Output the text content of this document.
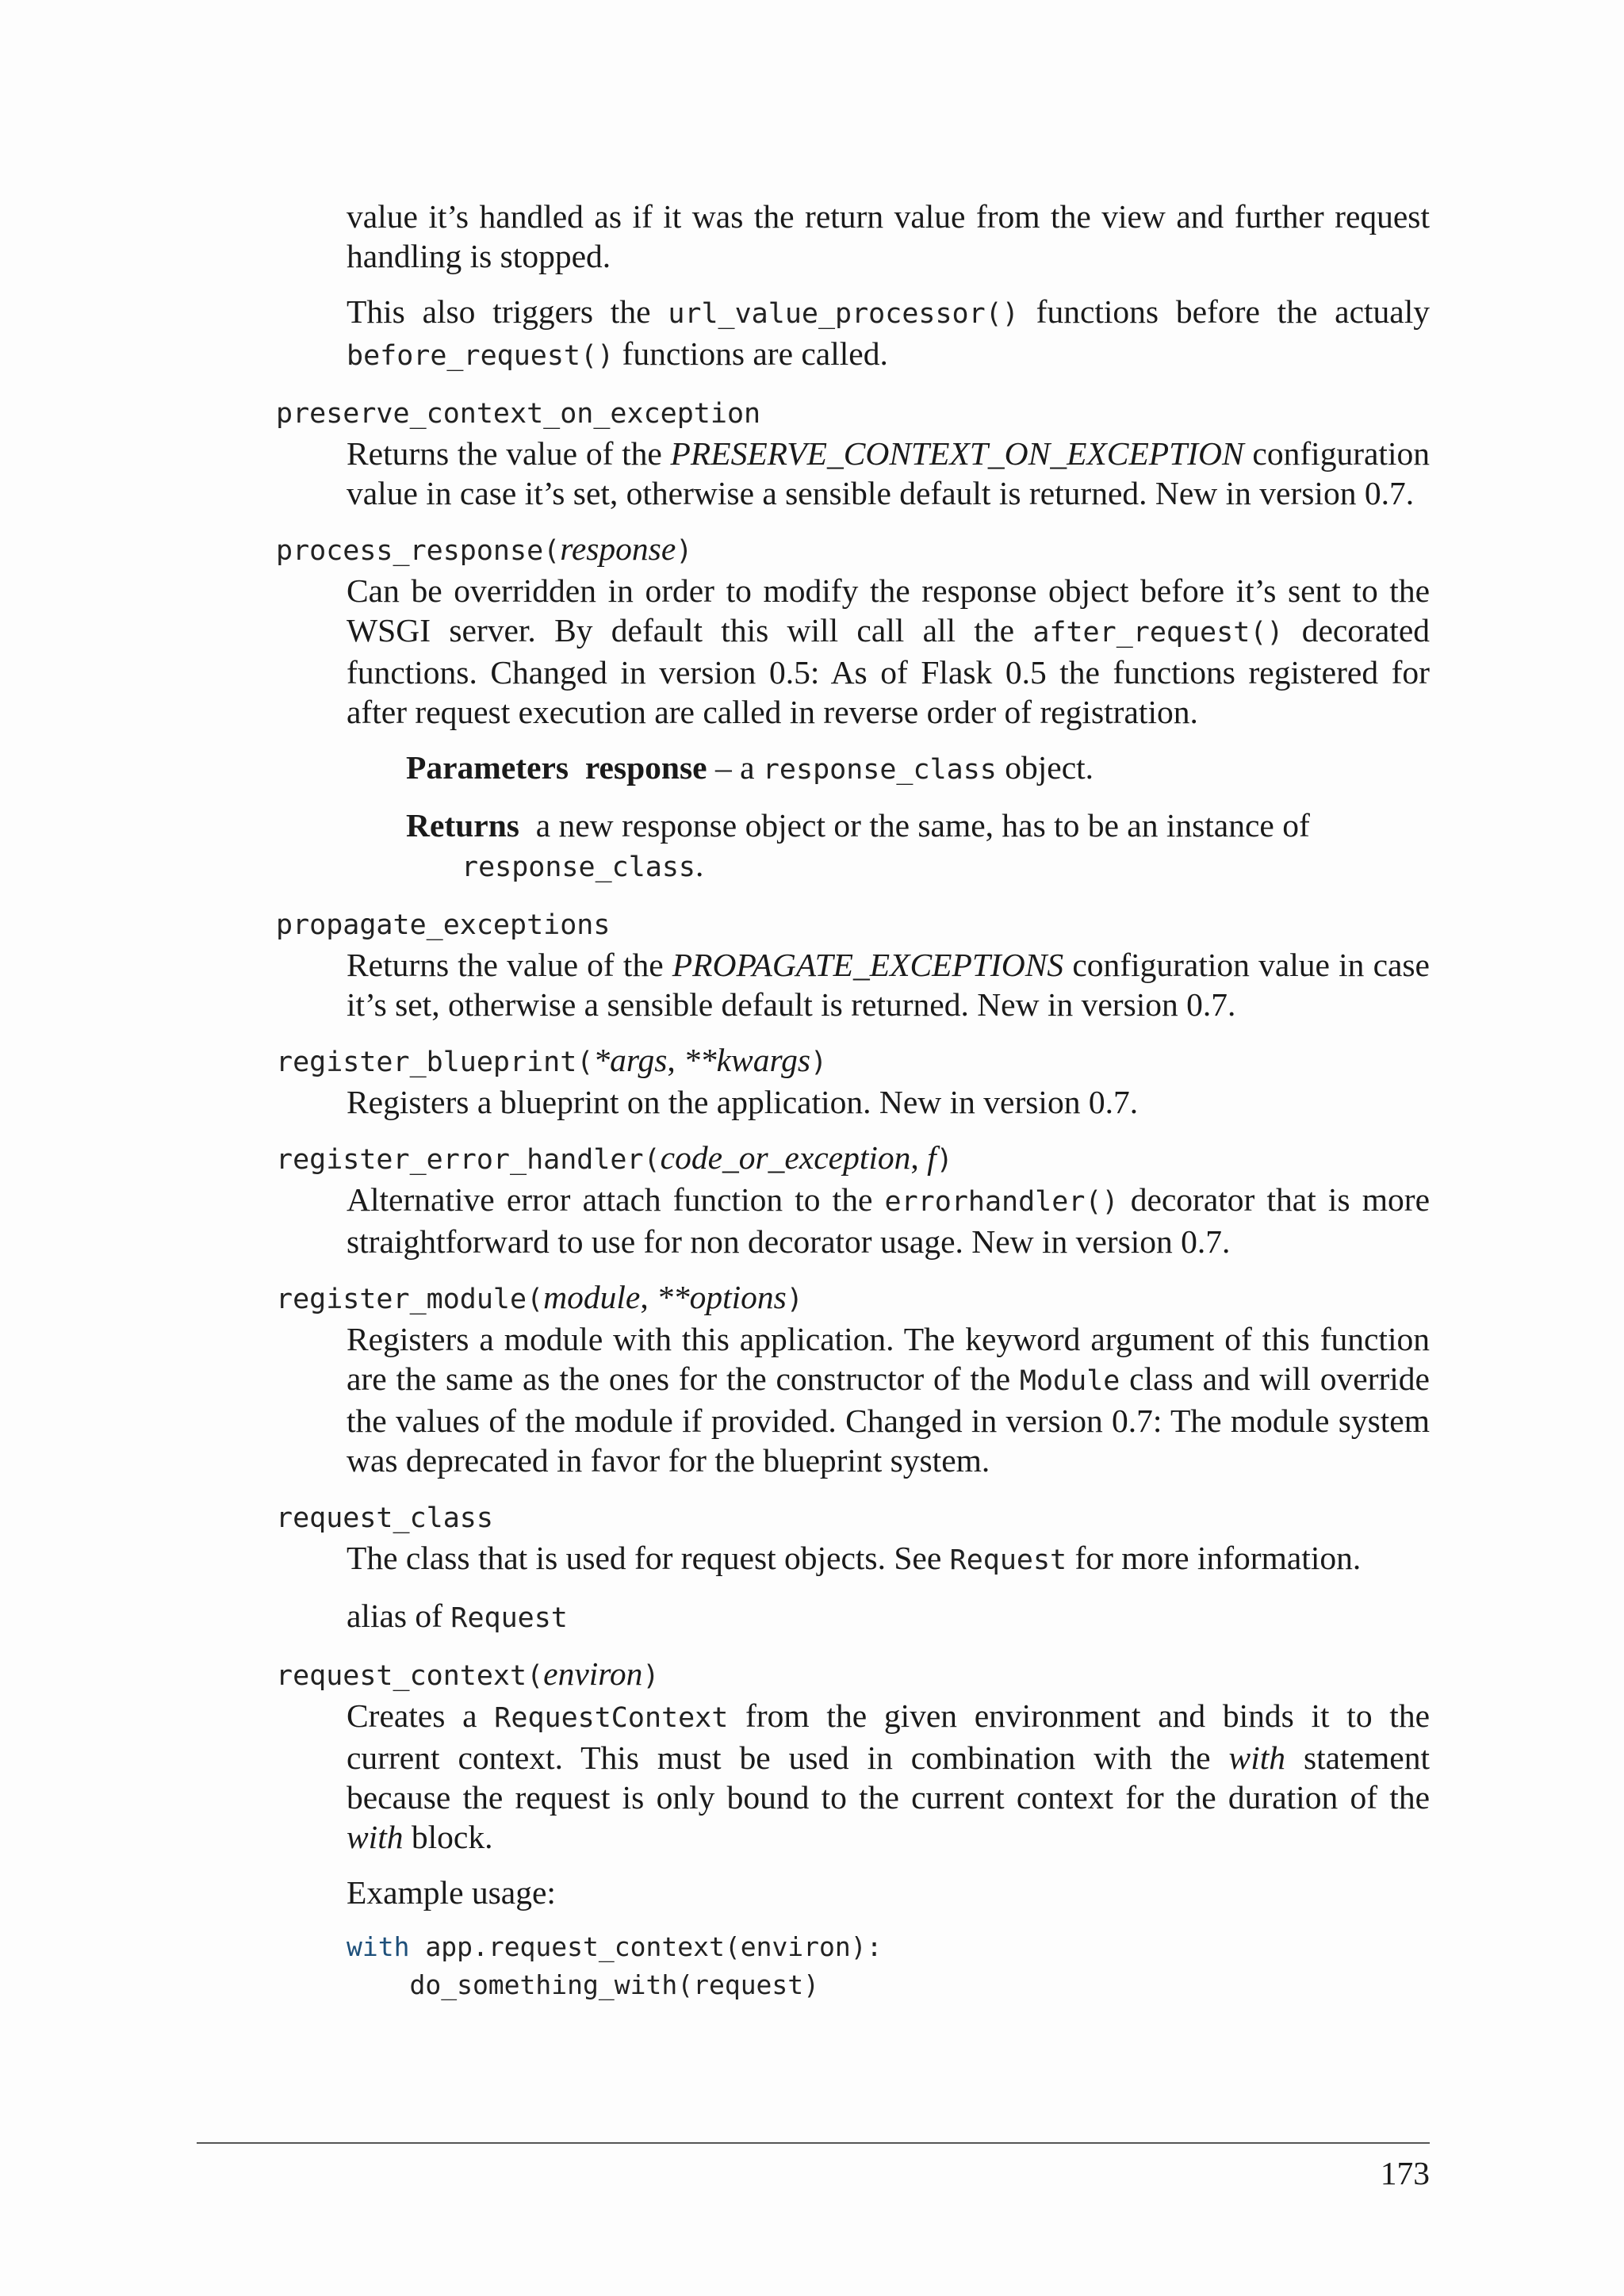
value it’s handled as if it was the return value from the view and further request handling is stopped.

This also triggers the url_value_processor() functions before the actualy before_request() functions are called.

preserve_context_on_exception

Returns the value of the PRESERVE_CONTEXT_ON_EXCEPTION configuration value in case it’s set, otherwise a sensible default is returned. New in version 0.7.

process_response(response)

Can be overridden in order to modify the response object before it’s sent to the WSGI server. By default this will call all the after_request() decorated functions. Changed in version 0.5: As of Flask 0.5 the functions registered for after request execution are called in reverse order of registration.

Parameters response – a response_class object.
Returns a new response object or the same, has to be an instance of
response_class.
propagate_exceptions

Returns the value of the PROPAGATE_EXCEPTIONS configuration value in case it’s set, otherwise a sensible default is returned. New in version 0.7.

register_blueprint(*args, **kwargs)

Registers a blueprint on the application. New in version 0.7.

register_error_handler(code_or_exception, f)

Alternative error attach function to the errorhandler() decorator that is more straightforward to use for non decorator usage. New in version 0.7.

register_module(module, **options)

Registers a module with this application. The keyword argument of this function are the same as the ones for the constructor of the Module class and will override the values of the module if provided. Changed in version 0.7: The module system was deprecated in favor for the blueprint system.

request_class

The class that is used for request objects. See Request for more information.

alias of Request

request_context(environ)

Creates a RequestContext from the given environment and binds it to the current context. This must be used in combination with the with statement because the request is only bound to the current context for the duration of the with block.

Example usage:

with app.request_context(environ):
do_something_with(request)
173
